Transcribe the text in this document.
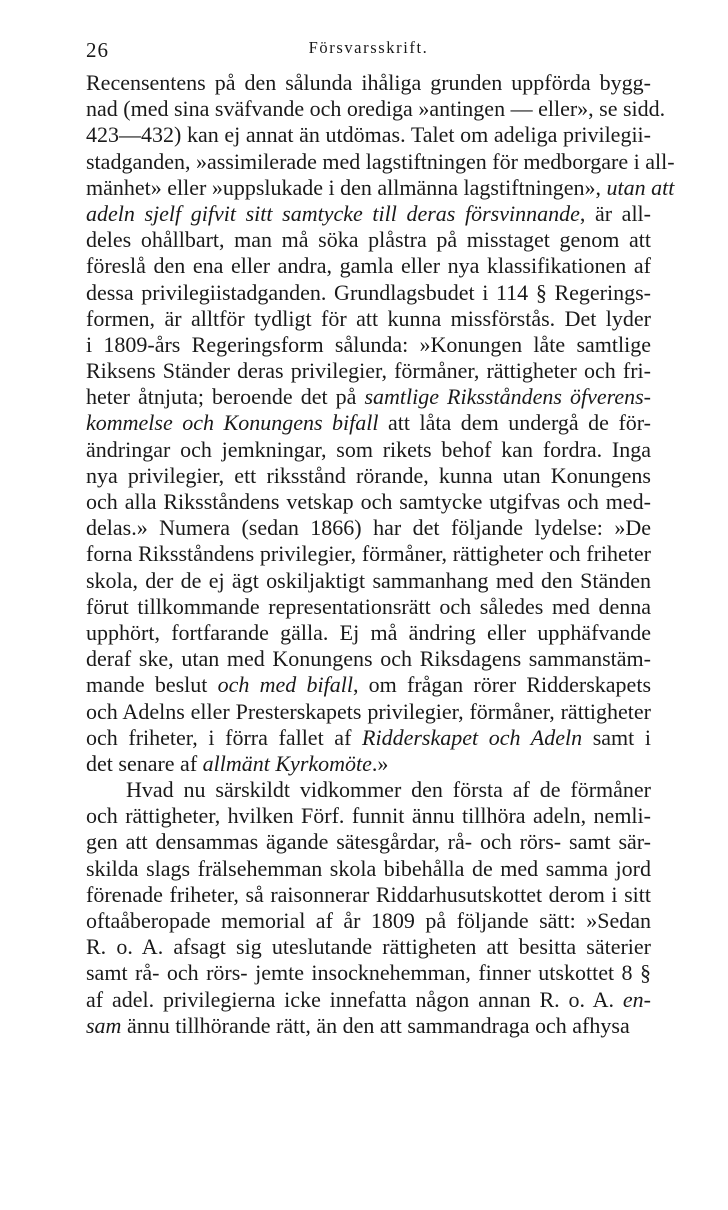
26	Försvarsskrift.
Recensentens på den sålunda ihåliga grunden uppförda bygg-
nad (med sina sväfvande och orediga »antingen — eller», se sidd.
423—432) kan ej annat än utdömas. Talet om adeliga privilegii-
stadganden, »assimilerade med lagstiftningen för medborgare i all-
mänhet» eller »uppslukade i den allmänna lagstiftningen», utan att
adeln sjelf gifvit sitt samtycke till deras försvinnande, är all-
deles ohållbart, man må söka plåstra på misstaget genom att
föreslå den ena eller andra, gamla eller nya klassifikationen af
dessa privilegiistadganden. Grundlagsbudet i 114 § Regerings-
formen, är alltför tydligt för att kunna missförstås. Det lyder
i 1809-års Regeringsform sålunda: »Konungen låte samtlige
Riksens Ständer deras privilegier, förmåner, rättigheter och fri-
heter åtnjuta; beroende det på samtlige Riksståndens öfverens-
kommelse och Konungens bifall att låta dem undergå de för-
ändringar och jemkningar, som rikets behof kan fordra. Inga
nya privilegier, ett riksstånd rörande, kunna utan Konungens
och alla Riksståndens vetskap och samtycke utgifvas och med-
delas.» Numera (sedan 1866) har det följande lydelse: »De
forna Riksståndens privilegier, förmåner, rättigheter och friheter
skola, der de ej ägt oskiljaktigt sammanhang med den Ständen
förut tillkommande representationsrätt och således med denna
upphört, fortfarande gälla. Ej må ändring eller upphäfvande
deraf ske, utan med Konungens och Riksdagens sammanstäm-
mande beslut och med bifall, om frågan rörer Ridderskapets
och Adelns eller Presterskapets privilegier, förmåner, rättigheter
och friheter, i förra fallet af Ridderskapet och Adeln samt i
det senare af allmänt Kyrkomöte.»
Hvad nu särskildt vidkommer den första af de förmåner
och rättigheter, hvilken Förf. funnit ännu tillhöra adeln, nemli-
gen att densammas ägande sätesgårdar, rå- och rörs- samt sär-
skilda slags frälsehemman skola bibehålla de med samma jord
förenade friheter, så raisonnerar Riddarhusutskottet derom i sitt
oftaåberopade memorial af år 1809 på följande sätt: »Sedan
R. o. A. afsagt sig uteslutande rättigheten att besitta säterier
samt rå- och rörs- jemte insocknehemman, finner utskottet 8 §
af adel. privilegierna icke innefatta någon annan R. o. A. en-
sam ännu tillhörande rätt, än den att sammandraga och afhysa
